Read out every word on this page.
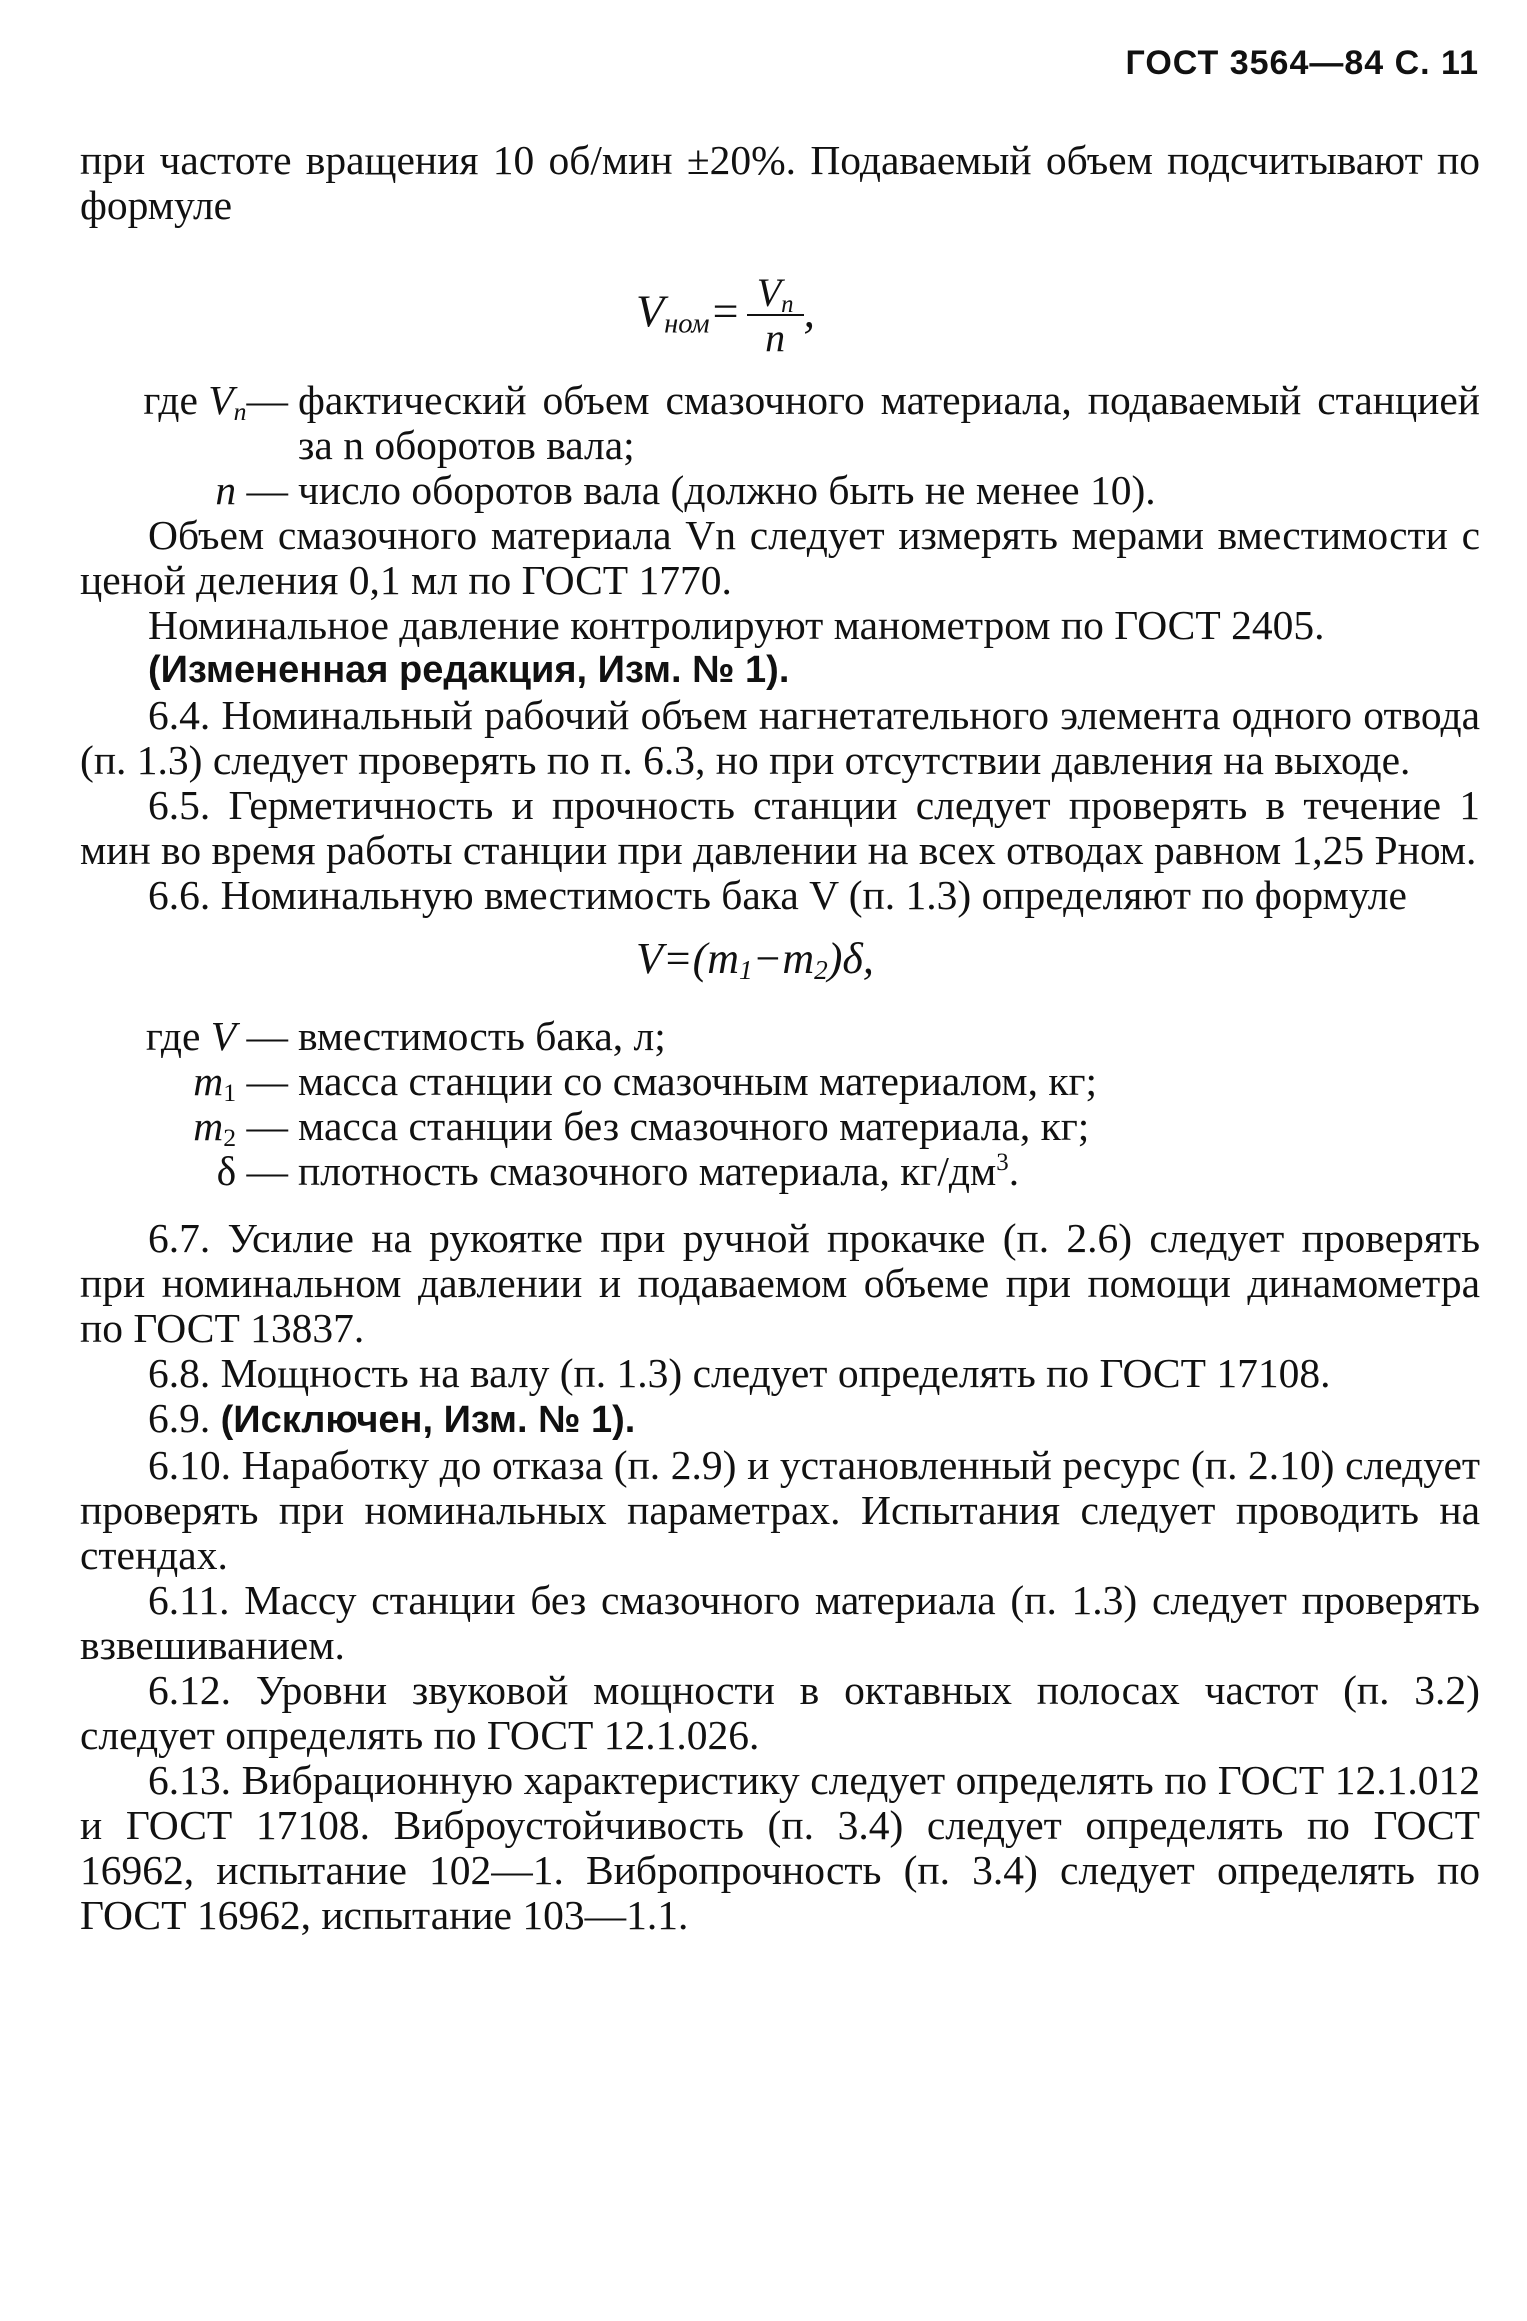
ГОСТ 3564—84 С. 11

при частоте вращения 10 об/мин ±20%. Подаваемый объем подсчитывают по формуле

$V_{ном}= \frac{V_n}{n}$ ,
где $V_n—$ фактический объем смазочного материала, подаваемый станцией за n оборотов вала;
n — число оборотов вала (должно быть не менее 10).

Объем смазочного материала Vn следует измерять мерами вместимости с ценой деления 0,1 мл по ГОСТ 1770.

Номинальное давление контролируют манометром по ГОСТ 2405.

(Измененная редакция, Изм. № 1).

6.4. Номинальный рабочий объем нагнетательного элемента одного отвода (п. 1.3) следует проверять по п. 6.3, но при отсутствии давления на выходе.

6.5. Герметичность и прочность станции следует проверять в течение 1 мин во время работы станции при давлении на всех отводах равном 1,25 Pном.

6.6. Номинальную вместимость бака V (п. 1.3) определяют по формуле

$V=(m_1-m_2)\delta$,
где V — вместимость бака, л;
$m_1$ — масса станции со смазочным материалом, кг;
$m_2$ — масса станции без смазочного материала, кг;
δ — плотность смазочного материала, $кг/дм^3$.

6.7. Усилие на рукоятке при ручной прокачке (п. 2.6) следует проверять при номинальном давлении и подаваемом объеме при помощи динамометра по ГОСТ 13837.

6.8. Мощность на валу (п. 1.3) следует определять по ГОСТ 17108.

6.9. (Исключен, Изм. № 1).

6.10. Наработку до отказа (п. 2.9) и установленный ресурс (п. 2.10) следует проверять при номинальных параметрах. Испытания следует проводить на стендах.

6.11. Массу станции без смазочного материала (п. 1.3) следует проверять взвешиванием.

6.12. Уровни звуковой мощности в октавных полосах частот (п. 3.2) следует определять по ГОСТ 12.1.026.

6.13. Вибрационную характеристику следует определять по ГОСТ 12.1.012 и ГОСТ 17108. Виброустойчивость (п. 3.4) следует определять по ГОСТ 16962, испытание 102—1. Вибропрочность (п. 3.4) следует определять по ГОСТ 16962, испытание 103—1.1.
